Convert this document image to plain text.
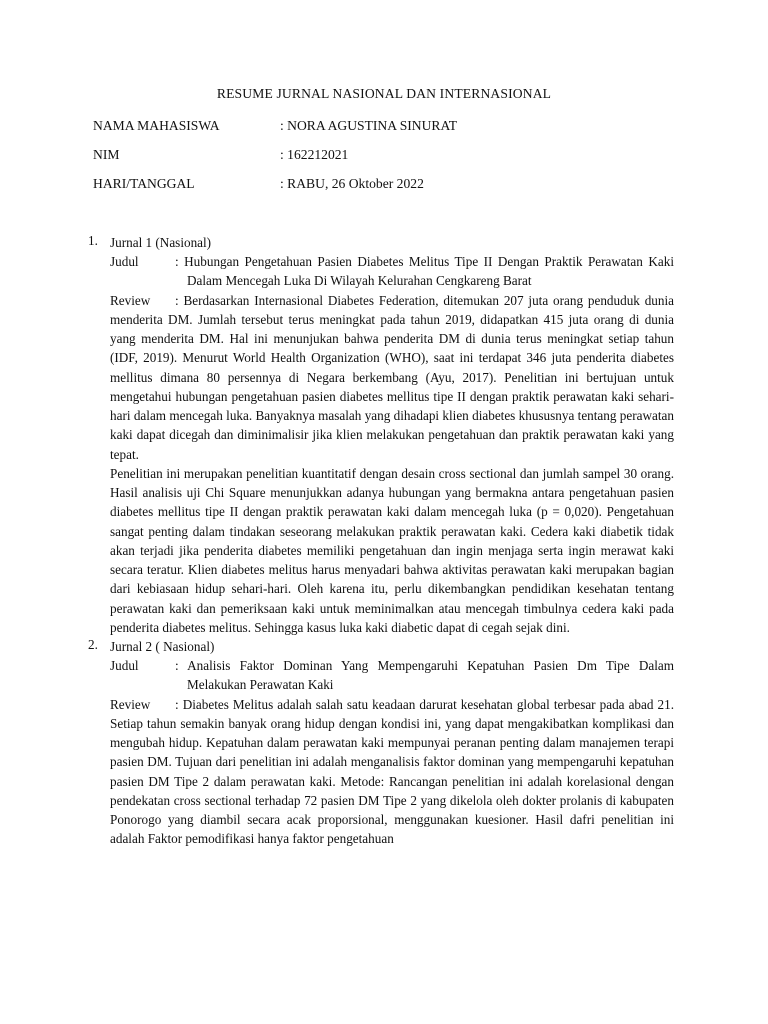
RESUME JURNAL NASIONAL DAN INTERNASIONAL
NAMA MAHASISWA	: NORA AGUSTINA SINURAT
NIM	: 162212021
HARI/TANGGAL	: RABU, 26 Oktober 2022
1. Jurnal 1 (Nasional)
Judul	: Hubungan Pengetahuan Pasien Diabetes Melitus Tipe II Dengan Praktik Perawatan Kaki Dalam Mencegah Luka Di Wilayah Kelurahan Cengkareng Barat
Review	: Berdasarkan Internasional Diabetes Federation, ditemukan 207 juta orang penduduk dunia menderita DM. Jumlah tersebut terus meningkat pada tahun 2019, didapatkan 415 juta orang di dunia yang menderita DM. Hal ini menunjukan bahwa penderita DM di dunia terus meningkat setiap tahun (IDF, 2019). Menurut World Health Organization (WHO), saat ini terdapat 346 juta penderita diabetes mellitus dimana 80 persennya di Negara berkembang (Ayu, 2017). Penelitian ini bertujuan untuk mengetahui hubungan pengetahuan pasien diabetes mellitus tipe II dengan praktik perawatan kaki sehari-hari dalam mencegah luka. Banyaknya masalah yang dihadapi klien diabetes khususnya tentang perawatan kaki dapat dicegah dan diminimalisir jika klien melakukan pengetahuan dan praktik perawatan kaki yang tepat.
Penelitian ini merupakan penelitian kuantitatif dengan desain cross sectional dan jumlah sampel 30 orang. Hasil analisis uji Chi Square menunjukkan adanya hubungan yang bermakna antara pengetahuan pasien diabetes mellitus tipe II dengan praktik perawatan kaki dalam mencegah luka (p = 0,020). Pengetahuan sangat penting dalam tindakan seseorang melakukan praktik perawatan kaki. Cedera kaki diabetik tidak akan terjadi jika penderita diabetes memiliki pengetahuan dan ingin menjaga serta ingin merawat kaki secara teratur. Klien diabetes melitus harus menyadari bahwa aktivitas perawatan kaki merupakan bagian dari kebiasaan hidup sehari-hari. Oleh karena itu, perlu dikembangkan pendidikan kesehatan tentang perawatan kaki dan pemeriksaan kaki untuk meminimalkan atau mencegah timbulnya cedera kaki pada penderita diabetes melitus. Sehingga kasus luka kaki diabetic dapat di cegah sejak dini.
2. Jurnal 2 ( Nasional)
Judul	: Analisis Faktor Dominan Yang Mempengaruhi Kepatuhan Pasien Dm Tipe Dalam Melakukan Perawatan Kaki
Review	: Diabetes Melitus adalah salah satu keadaan darurat kesehatan global terbesar pada abad 21. Setiap tahun semakin banyak orang hidup dengan kondisi ini, yang dapat mengakibatkan komplikasi dan mengubah hidup. Kepatuhan dalam perawatan kaki mempunyai peranan penting dalam manajemen terapi pasien DM. Tujuan dari penelitian ini adalah menganalisis faktor dominan yang mempengaruhi kepatuhan pasien DM Tipe 2 dalam perawatan kaki. Metode: Rancangan penelitian ini adalah korelasional dengan pendekatan cross sectional terhadap 72 pasien DM Tipe 2 yang dikelola oleh dokter prolanis di kabupaten Ponorogo yang diambil secara acak proporsional, menggunakan kuesioner. Hasil dafri penelitian ini adalah Faktor pemodifikasi hanya faktor pengetahuan
